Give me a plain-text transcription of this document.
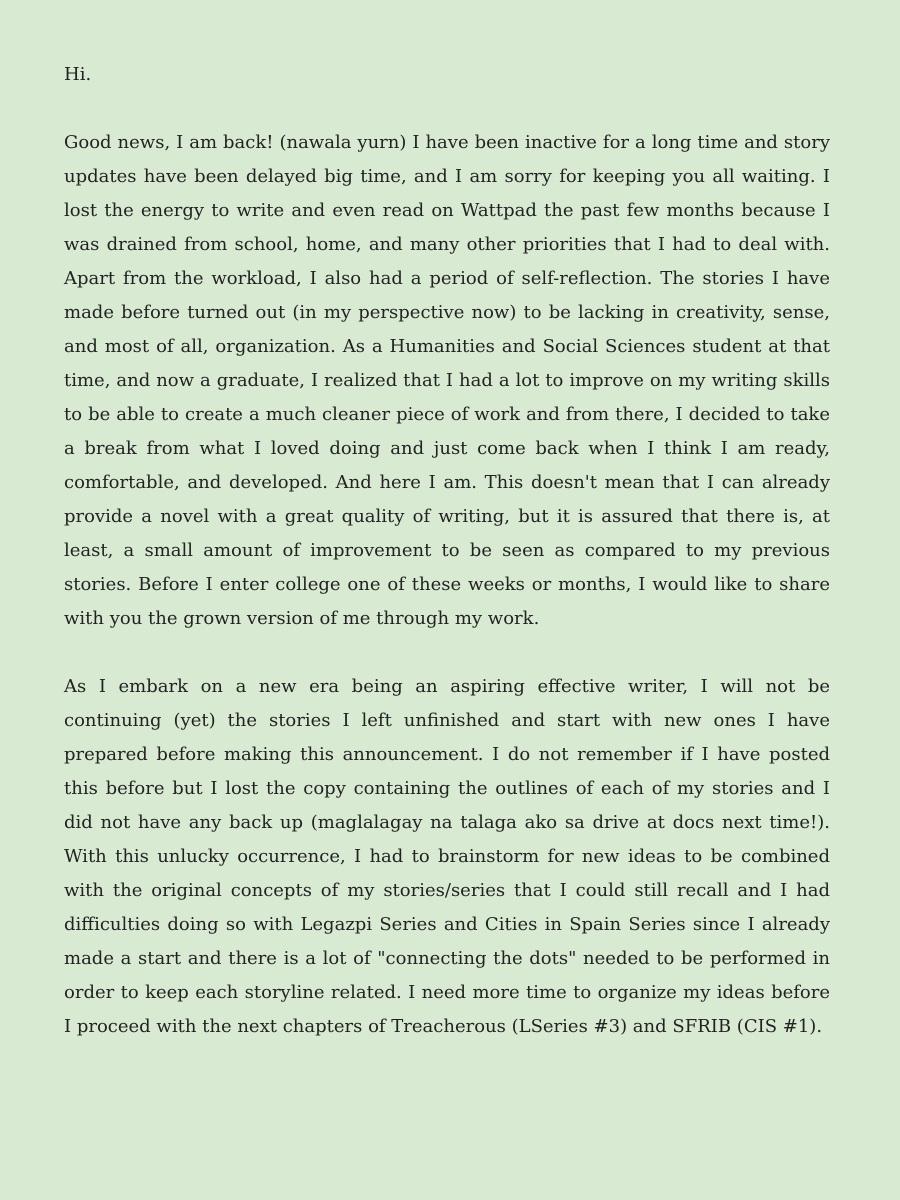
Hi.

Good news, I am back! (nawala yurn) I have been inactive for a long time and story updates have been delayed big time, and I am sorry for keeping you all waiting. I lost the energy to write and even read on Wattpad the past few months because I was drained from school, home, and many other priorities that I had to deal with. Apart from the workload, I also had a period of self-reflection. The stories I have made before turned out (in my perspective now) to be lacking in creativity, sense, and most of all, organization. As a Humanities and Social Sciences student at that time, and now a graduate, I realized that I had a lot to improve on my writing skills to be able to create a much cleaner piece of work and from there, I decided to take a break from what I loved doing and just come back when I think I am ready, comfortable, and developed. And here I am. This doesn't mean that I can already provide a novel with a great quality of writing, but it is assured that there is, at least, a small amount of improvement to be seen as compared to my previous stories. Before I enter college one of these weeks or months, I would like to share with you the grown version of me through my work.

As I embark on a new era being an aspiring effective writer, I will not be continuing (yet) the stories I left unfinished and start with new ones I have prepared before making this announcement. I do not remember if I have posted this before but I lost the copy containing the outlines of each of my stories and I did not have any back up (maglalagay na talaga ako sa drive at docs next time!). With this unlucky occurrence, I had to brainstorm for new ideas to be combined with the original concepts of my stories/series that I could still recall and I had difficulties doing so with Legazpi Series and Cities in Spain Series since I already made a start and there is a lot of "connecting the dots" needed to be performed in order to keep each storyline related. I need more time to organize my ideas before I proceed with the next chapters of Treacherous (LSeries #3) and SFRIB (CIS #1).
